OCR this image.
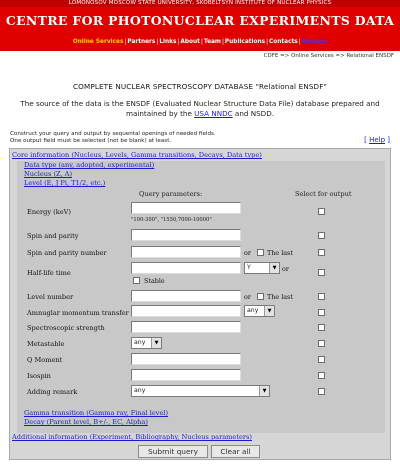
LOMONOSOV MOSCOW STATE UNIVERSITY, SKOBELTSYN INSTITUTE OF NUCLEAR PHYSICS
CENTRE FOR PHOTONUCLEAR EXPERIMENTS DATA
Online Services|Partners|Links|About|Team|Publications|Contacts|Russian
CDFE => Online Services => Relational ENSDF
COMPLETE NUCLEAR SPECTROSCOPY DATABASE "Relational ENSDF"
The source of the data is the ENSDF (Evaluated Nuclear Structure Data File) database prepared and maintained by the USA NNDC and NSDD.
Construct your query and output by sequental openings of needed fields.
One output field must be selected (not be blank) at least.	[ Help ]
Core information (Nucleus, Levels, Gamma transitions, Decays, Data type)
Data type (any, adopted, experimental)
Nucleus (Z, A)
Level (E, J Pi, T1/2, etc.)
Query parameters:	Select for output
Energy (keV)
"100-300", "1550,7000-10000"
Spin and parity
Spin and parity number	or	The last
Half-life time
Y	▼ or
Stable
Level number	or	The last
Amnuglar momentum transfer	any	▼
Spectroscopic strength
Metastable	any	▼
Q Moment
Isospin
Adding remark	any	▼
Gamma transition (Gamma ray, Final level)
Decay (Parent level, B+/-, EC, Alpha)
Additional information (Experiment, Bibliography, Nucleus parameters)
Submit query	Clear all
